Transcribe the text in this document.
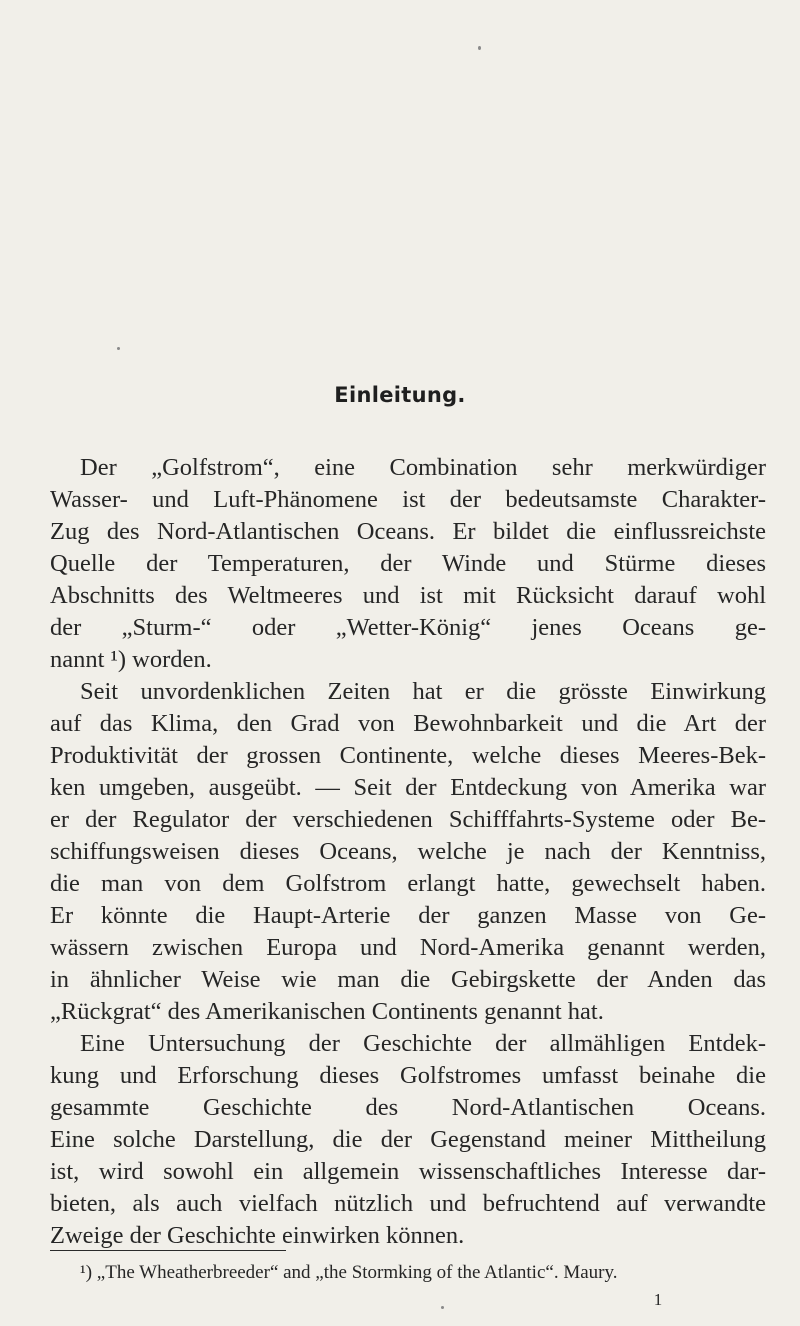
Einleitung.
Der „Golfstrom“, eine Combination sehr merkwürdiger
Wasser- und Luft-Phänomene ist der bedeutsamste Charakter-
Zug des Nord-Atlantischen Oceans. Er bildet die einflussreichste
Quelle der Temperaturen, der Winde und Stürme dieses
Abschnitts des Weltmeeres und ist mit Rücksicht darauf wohl
der „Sturm-“ oder „Wetter-König“ jenes Oceans ge-
nannt ¹) worden.
Seit unvordenklichen Zeiten hat er die grösste Einwirkung
auf das Klima, den Grad von Bewohnbarkeit und die Art der
Produktivität der grossen Continente, welche dieses Meeres-Bek-
ken umgeben, ausgeübt. — Seit der Entdeckung von Amerika war
er der Regulator der verschiedenen Schifffahrts-Systeme oder Be-
schiffungsweisen dieses Oceans, welche je nach der Kenntniss,
die man von dem Golfstrom erlangt hatte, gewechselt haben.
Er könnte die Haupt-Arterie der ganzen Masse von Ge-
wässern zwischen Europa und Nord-Amerika genannt werden,
in ähnlicher Weise wie man die Gebirgskette der Anden das
„Rückgrat“ des Amerikanischen Continents genannt hat.
Eine Untersuchung der Geschichte der allmähligen Entdek-
kung und Erforschung dieses Golfstromes umfasst beinahe die
gesammte Geschichte des Nord-Atlantischen Oceans.
Eine solche Darstellung, die der Gegenstand meiner Mittheilung
ist, wird sowohl ein allgemein wissenschaftliches Interesse dar-
bieten, als auch vielfach nützlich und befruchtend auf verwandte
Zweige der Geschichte einwirken können.
¹) „The Wheatherbreeder“ and „the Stormking of the Atlantic“. Maury.
1
